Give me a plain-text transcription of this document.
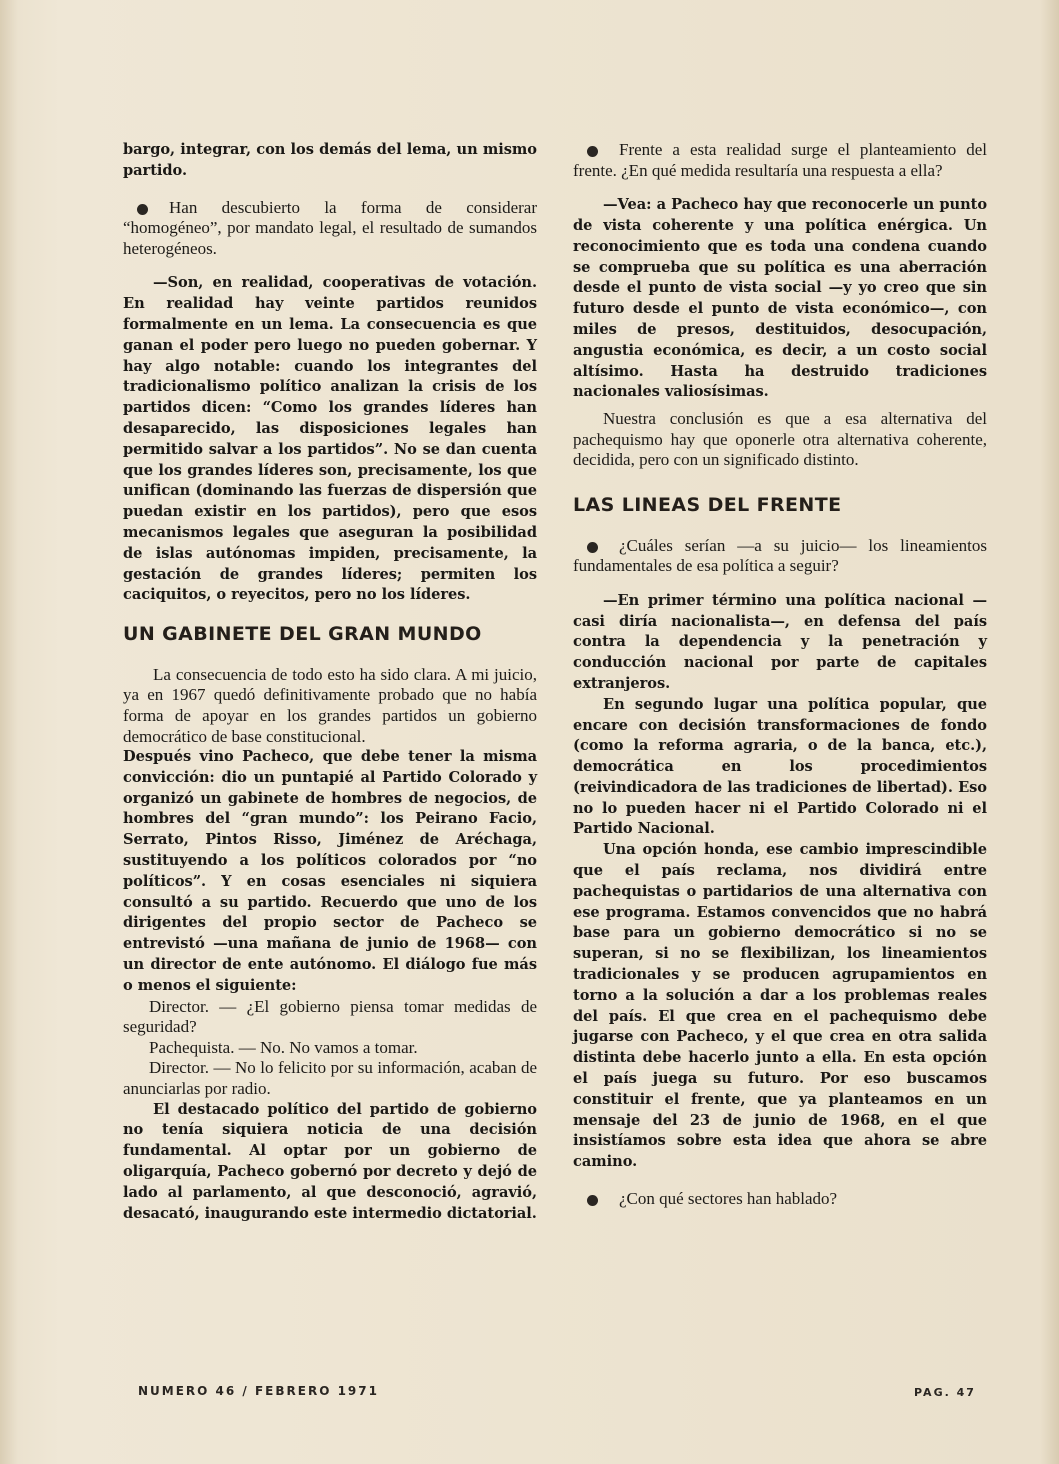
bargo, integrar, con los demás del lema, un mismo partido.

Han descubierto la forma de considerar “homogéneo”, por mandato legal, el resultado de sumandos heterogéneos.

—Son, en realidad, cooperativas de votación. En realidad hay veinte partidos reunidos formalmente en un lema. La consecuencia es que ganan el poder pero luego no pueden gobernar. Y hay algo notable: cuando los integrantes del tradicionalismo político analizan la crisis de los partidos dicen: “Como los grandes líderes han desaparecido, las disposiciones legales han permitido salvar a los partidos”. No se dan cuenta que los grandes líderes son, precisamente, los que unifican (dominando las fuerzas de dispersión que puedan existir en los partidos), pero que esos mecanismos legales que aseguran la posibilidad de islas autónomas impiden, precisamente, la gestación de grandes líderes; permiten los caciquitos, o reyecitos, pero no los líderes.

UN GABINETE DEL GRAN MUNDO

La consecuencia de todo esto ha sido clara. A mi juicio, ya en 1967 quedó definitivamente probado que no había forma de apoyar en los grandes partidos un gobierno democrático de base constitucional.

Después vino Pacheco, que debe tener la misma convicción: dio un puntapié al Partido Colorado y organizó un gabinete de hombres de negocios, de hombres del “gran mundo”: los Peirano Facio, Serrato, Pintos Risso, Jiménez de Aréchaga, sustituyendo a los políticos colorados por “no políticos”. Y en cosas esenciales ni siquiera consultó a su partido. Recuerdo que uno de los dirigentes del propio sector de Pacheco se entrevistó —una mañana de junio de 1968— con un director de ente autónomo. El diálogo fue más o menos el siguiente:

Director. — ¿El gobierno piensa tomar medidas de seguridad?

Pachequista. — No. No vamos a tomar.

Director. — No lo felicito por su información, acaban de anunciarlas por radio.

El destacado político del partido de gobierno no tenía siquiera noticia de una decisión fundamental. Al optar por un gobierno de oligarquía, Pacheco gobernó por decreto y dejó de lado al parlamento, al que desconoció, agravió, desacató, inaugurando este intermedio dictatorial.

Frente a esta realidad surge el planteamiento del frente. ¿En qué medida resultaría una respuesta a ella?

—Vea: a Pacheco hay que reconocerle un punto de vista coherente y una política enérgica. Un reconocimiento que es toda una condena cuando se comprueba que su política es una aberración desde el punto de vista social —y yo creo que sin futuro desde el punto de vista económico—, con miles de presos, destituidos, desocupación, angustia económica, es decir, a un costo social altísimo. Hasta ha destruido tradiciones nacionales valiosísimas.

Nuestra conclusión es que a esa alternativa del pachequismo hay que oponerle otra alternativa coherente, decidida, pero con un significado distinto.

LAS LINEAS DEL FRENTE

¿Cuáles serían —a su juicio— los lineamientos fundamentales de esa política a seguir?

—En primer término una política nacional —casi diría nacionalista—, en defensa del país contra la dependencia y la penetración y conducción nacional por parte de capitales extranjeros.

En segundo lugar una política popular, que encare con decisión transformaciones de fondo (como la reforma agraria, o de la banca, etc.), democrática en los procedimientos (reivindicadora de las tradiciones de libertad). Eso no lo pueden hacer ni el Partido Colorado ni el Partido Nacional.

Una opción honda, ese cambio imprescindible que el país reclama, nos dividirá entre pachequistas o partidarios de una alternativa con ese programa. Estamos convencidos que no habrá base para un gobierno democrático si no se superan, si no se flexibilizan, los lineamientos tradicionales y se producen agrupamientos en torno a la solución a dar a los problemas reales del país. El que crea en el pachequismo debe jugarse con Pacheco, y el que crea en otra salida distinta debe hacerlo junto a ella. En esta opción el país juega su futuro. Por eso buscamos constituir el frente, que ya planteamos en un mensaje del 23 de junio de 1968, en el que insistíamos sobre esta idea que ahora se abre camino.

¿Con qué sectores han hablado?

NUMERO 46 / FEBRERO 1971	PAG. 47
